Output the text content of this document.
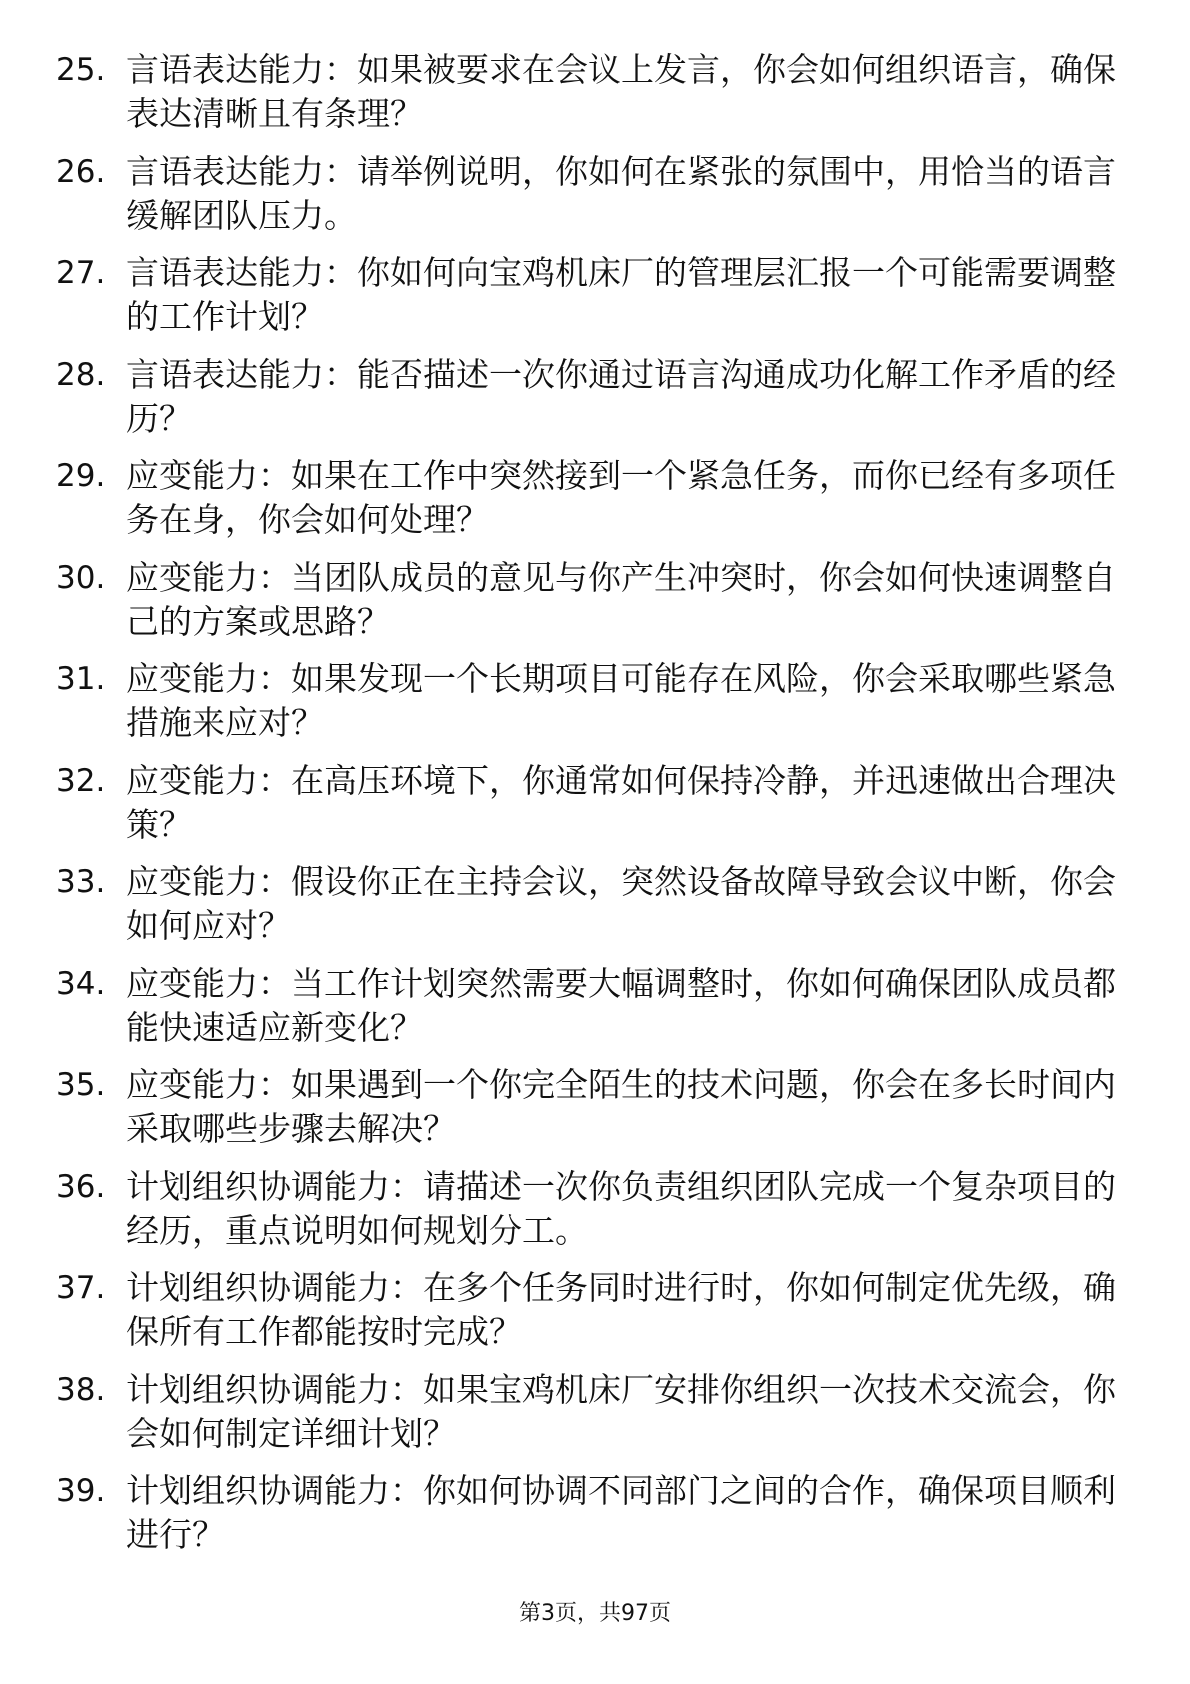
25. 言语表达能力：如果被要求在会议上发言，你会如何组织语言，确保表达清晰且有条理？
26. 言语表达能力：请举例说明，你如何在紧张的氛围中，用恰当的语言缓解团队压力。
27. 言语表达能力：你如何向宝鸡机床厂的管理层汇报一个可能需要调整的工作计划？
28. 言语表达能力：能否描述一次你通过语言沟通成功化解工作矛盾的经历？
29. 应变能力：如果在工作中突然接到一个紧急任务，而你已经有多项任务在身，你会如何处理？
30. 应变能力：当团队成员的意见与你产生冲突时，你会如何快速调整自己的方案或思路？
31. 应变能力：如果发现一个长期项目可能存在风险，你会采取哪些紧急措施来应对？
32. 应变能力：在高压环境下，你通常如何保持冷静，并迅速做出合理决策？
33. 应变能力：假设你正在主持会议，突然设备故障导致会议中断，你会如何应对？
34. 应变能力：当工作计划突然需要大幅调整时，你如何确保团队成员都能快速适应新变化？
35. 应变能力：如果遇到一个你完全陌生的技术问题，你会在多长时间内采取哪些步骤去解决？
36. 计划组织协调能力：请描述一次你负责组织团队完成一个复杂项目的经历，重点说明如何规划分工。
37. 计划组织协调能力：在多个任务同时进行时，你如何制定优先级，确保所有工作都能按时完成？
38. 计划组织协调能力：如果宝鸡机床厂安排你组织一次技术交流会，你会如何制定详细计划？
39. 计划组织协调能力：你如何协调不同部门之间的合作，确保项目顺利进行？
第3页，共97页
